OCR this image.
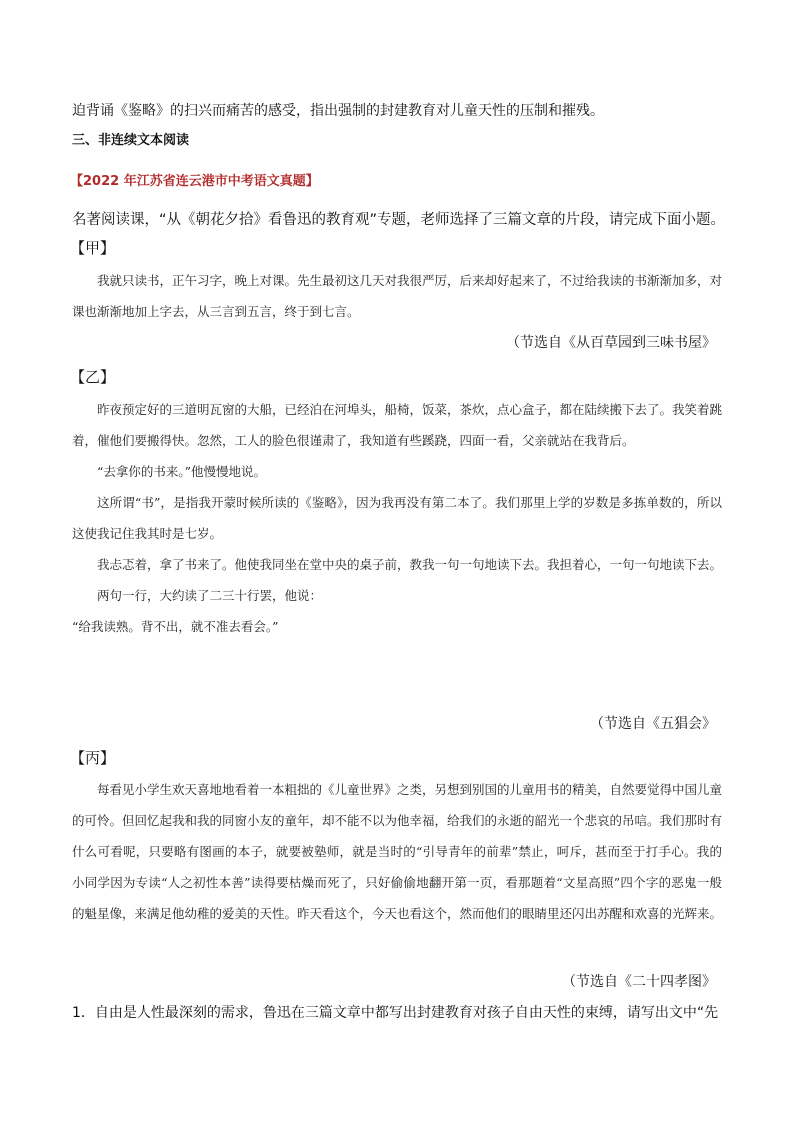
迫背诵《鉴略》的扫兴而痛苦的感受，指出强制的封建教育对儿童天性的压制和摧残。
三、非连续文本阅读
【2022 年江苏省连云港市中考语文真题】
名著阅读课，“从《朝花夕拾》看鲁迅的教育观”专题，老师选择了三篇文章的片段，请完成下面小题。
【甲】

我就只读书，正午习字，晚上对课。先生最初这几天对我很严厉，后来却好起来了，不过给我读的书渐渐加多，对课也渐渐地加上字去，从三言到五言，终于到七言。

（节选自《从百草园到三味书屋》
【乙】

昨夜预定好的三道明瓦窗的大船，已经泊在河埠头，船椅，饭菜，茶炊，点心盒子，都在陆续搬下去了。我笑着跳着，催他们要搬得快。忽然，工人的脸色很谨肃了，我知道有些蹊跷，四面一看，父亲就站在我背后。

“去拿你的书来。”他慢慢地说。

这所谓“书”，是指我开蒙时候所读的《鉴略》，因为我再没有第二本了。我们那里上学的岁数是多拣单数的，所以这使我记住我其时是七岁。

我忐忑着，拿了书来了。他使我同坐在堂中央的桌子前，教我一句一句地读下去。我担着心，一句一句地读下去。

两句一行，大约读了二三十行罢，他说：

“给我读熟。背不出，就不准去看会。”

（节选自《五猖会》
【丙】

每看见小学生欢天喜地地看着一本粗拙的《儿童世界》之类，另想到别国的儿童用书的精美，自然要觉得中国儿童的可怜。但回忆起我和我的同窗小友的童年，却不能不以为他幸福，给我们的永逝的韶光一个悲哀的吊唁。我们那时有什么可看呢，只要略有图画的本子，就要被塾师，就是当时的“引导青年的前辈”禁止，呵斥，甚而至于打手心。我的小同学因为专读“人之初性本善”读得要枯燥而死了，只好偷偷地翻开第一页，看那题着“文星高照”四个字的恶鬼一般的魁星像，来满足他幼稚的爱美的天性。昨天看这个，今天也看这个，然而他们的眼睛里还闪出苏醒和欢喜的光辉来。

（节选自《二十四孝图》
1．自由是人性最深刻的需求，鲁迅在三篇文章中都写出封建教育对孩子自由天性的束缚，请写出文中“先
